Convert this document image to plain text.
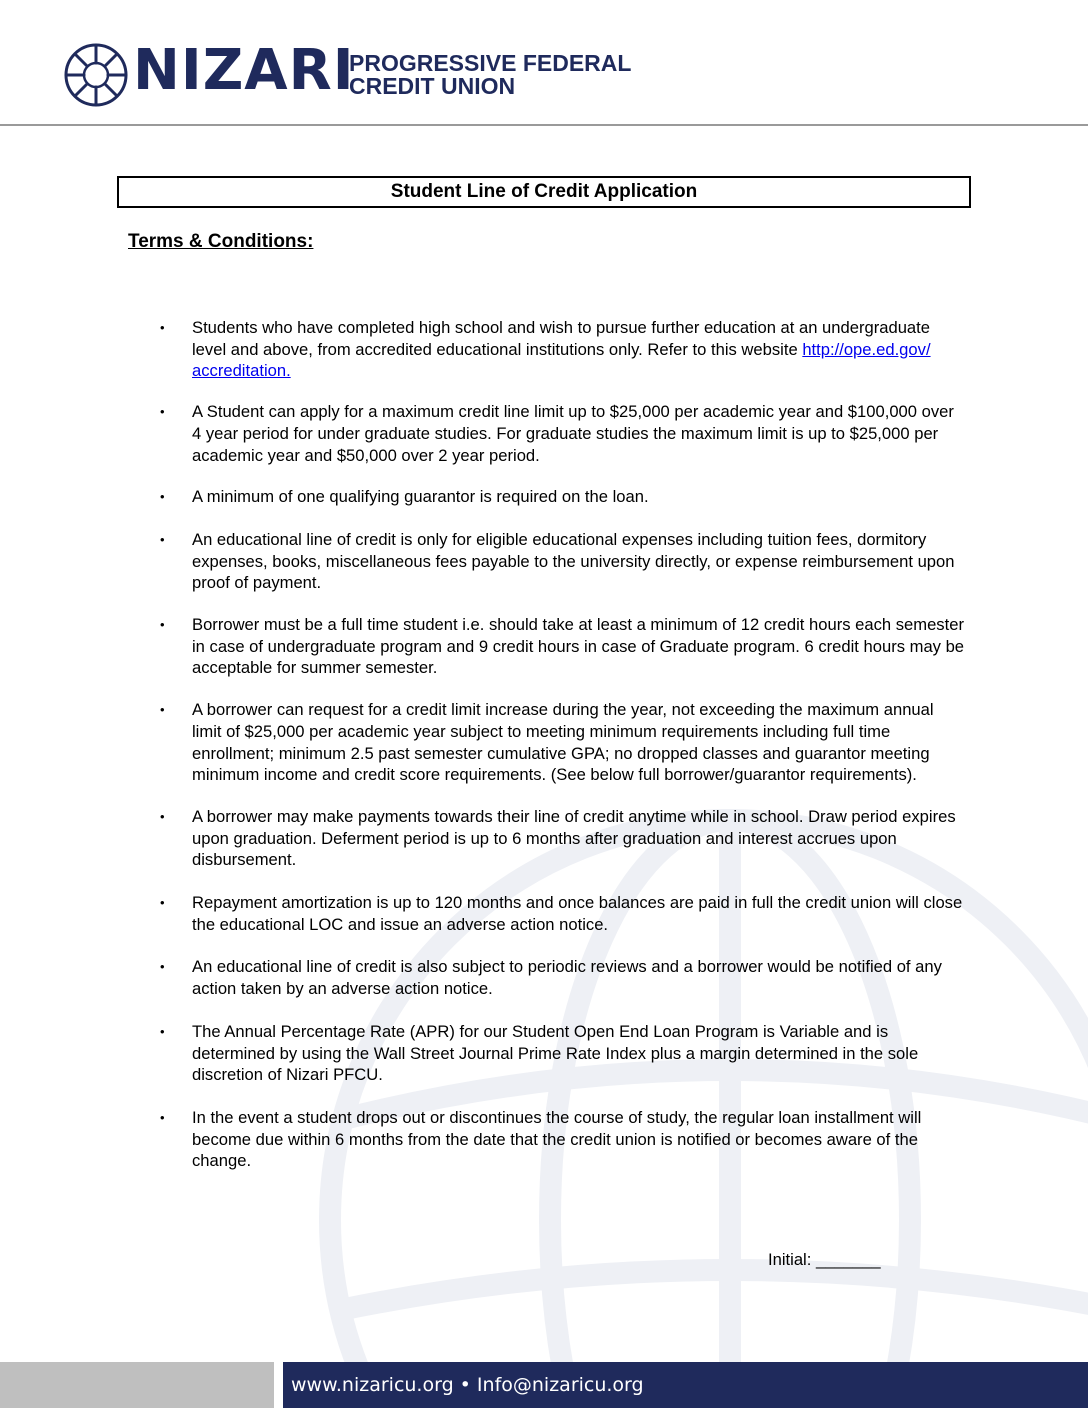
NIZARI
PROGRESSIVE FEDERAL
CREDIT UNION
Student Line of Credit Application
Terms & Conditions:
• Students who have completed high school and wish to pursue further education at an undergraduate level and above, from accredited educational institutions only. Refer to this website http://ope.ed.gov/ accreditation.
• A Student can apply for a maximum credit line limit up to $25,000 per academic year and $100,000 over 4 year period for under graduate studies. For graduate studies the maximum limit is up to $25,000 per academic year and $50,000 over 2 year period.
• A minimum of one qualifying guarantor is required on the loan.
• An educational line of credit is only for eligible educational expenses including tuition fees, dormitory expenses, books, miscellaneous fees payable to the university directly, or expense reimbursement upon proof of payment.
• Borrower must be a full time student i.e. should take at least a minimum of 12 credit hours each semester in case of undergraduate program and 9 credit hours in case of Graduate program. 6 credit hours may be acceptable for summer semester.
• A borrower can request for a credit limit increase during the year, not exceeding the maximum annual limit of $25,000 per academic year subject to meeting minimum requirements including full time enrollment; minimum 2.5 past semester cumulative GPA; no dropped classes and guarantor meeting minimum income and credit score requirements. (See below full borrower/guarantor requirements).
• A borrower may make payments towards their line of credit anytime while in school. Draw period expires upon graduation. Deferment period is up to 6 months after graduation and interest accrues upon disbursement.
• Repayment amortization is up to 120 months and once balances are paid in full the credit union will close the educational LOC and issue an adverse action notice.
• An educational line of credit is also subject to periodic reviews and a borrower would be notified of any action taken by an adverse action notice.
• The Annual Percentage Rate (APR) for our Student Open End Loan Program is Variable and is determined by using the Wall Street Journal Prime Rate Index plus a margin determined in the sole discretion of Nizari PFCU.
• In the event a student drops out or discontinues the course of study, the regular loan installment will become due within 6 months from the date that the credit union is notified or becomes aware of the change.
Initial: _______
www.nizaricu.org • Info@nizaricu.org
